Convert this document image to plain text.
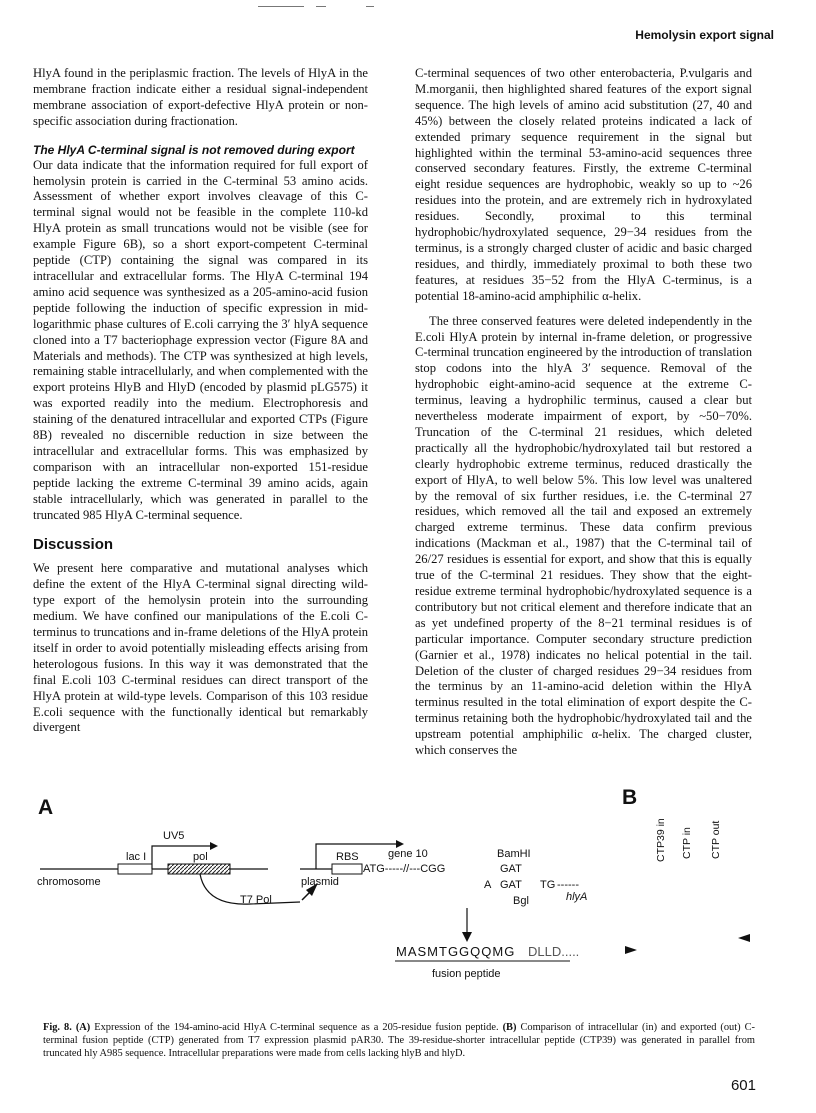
Hemolysin export signal

HlyA found in the periplasmic fraction. The levels of HlyA in the membrane fraction indicate either a residual signal-independent membrane association of export-defective HlyA protein or non-specific association during fractionation.

The HlyA C-terminal signal is not removed during export

Our data indicate that the information required for full export of hemolysin protein is carried in the C-terminal 53 amino acids. Assessment of whether export involves cleavage of this C-terminal signal would not be feasible in the complete 110-kd HlyA protein as small truncations would not be visible (see for example Figure 6B), so a short export-competent C-terminal peptide (CTP) containing the signal was compared in its intracellular and extracellular forms. The HlyA C-terminal 194 amino acid sequence was synthesized as a 205-amino-acid fusion peptide following the induction of specific expression in mid-logarithmic phase cultures of E.coli carrying the 3′ hlyA sequence cloned into a T7 bacteriophage expression vector (Figure 8A and Materials and methods). The CTP was synthesized at high levels, remaining stable intracellularly, and when complemented with the export proteins HlyB and HlyD (encoded by plasmid pLG575) it was exported readily into the medium. Electrophoresis and staining of the denatured intracellular and exported CTPs (Figure 8B) revealed no discernible reduction in size between the intracellular and extracellular forms. This was emphasized by comparison with an intracellular non-exported 151-residue peptide lacking the extreme C-terminal 39 amino acids, again stable intracellularly, which was generated in parallel to the truncated 985 HlyA C-terminal sequence.

Discussion

We present here comparative and mutational analyses which define the extent of the HlyA C-terminal signal directing wild-type export of the hemolysin protein into the surrounding medium. We have confined our manipulations of the E.coli C-terminus to truncations and in-frame deletions of the HlyA protein itself in order to avoid potentially misleading effects arising from heterologous fusions. In this way it was demonstrated that the final E.coli 103 C-terminal residues can direct transport of the HlyA protein at wild-type levels. Comparison of this 103 residue E.coli sequence with the functionally identical but remarkably divergent

C-terminal sequences of two other enterobacteria, P.vulgaris and M.morganii, then highlighted shared features of the export signal sequence. The high levels of amino acid substitution (27, 40 and 45%) between the closely related proteins indicated a lack of extended primary sequence requirement in the signal but highlighted within the terminal 53-amino-acid sequences three conserved secondary features. Firstly, the extreme C-terminal eight residue sequences are hydrophobic, weakly so up to ~26 residues into the protein, and are extremely rich in hydroxylated residues. Secondly, proximal to this terminal hydrophobic/hydroxylated sequence, 29−34 residues from the terminus, is a strongly charged cluster of acidic and basic charged residues, and thirdly, immediately proximal to both these two features, at residues 35−52 from the HlyA C-terminus, is a potential 18-amino-acid amphiphilic α-helix.

The three conserved features were deleted independently in the E.coli HlyA protein by internal in-frame deletion, or progressive C-terminal truncation engineered by the introduction of translation stop codons into the hlyA 3′ sequence. Removal of the hydrophobic eight-amino-acid sequence at the extreme C-terminus, leaving a hydrophilic terminus, caused a clear but nevertheless moderate impairment of export, by ~50−70%. Truncation of the C-terminal 21 residues, which deleted practically all the hydrophobic/hydroxylated tail but restored a clearly hydrophobic extreme terminus, reduced drastically the export of HlyA, to well below 5%. This low level was unaltered by the removal of six further residues, i.e. the C-terminal 27 residues, which removed all the tail and exposed an extremely charged extreme terminus. These data confirm previous indications (Mackman et al., 1987) that the C-terminal tail of 26/27 residues is essential for export, and show that this is equally true of the C-terminal 21 residues. They show that the eight-residue extreme terminal hydrophobic/hydroxylated sequence is a contributory but not critical element and therefore indicate that an as yet undefined property of the 8−21 terminal residues is of particular importance. Computer secondary structure prediction (Garnier et al., 1978) indicates no helical potential in the tail. Deletion of the cluster of charged residues 29−34 residues from the terminus by an 11-amino-acid deletion within the HlyA terminus resulted in the total elimination of export despite the C-terminus retaining both the hydrophobic/hydroxylated tail and the upstream potential amphiphilic α-helix. The charged cluster, which conserves the

A	B
UV5
lac I	pol
chromosome
T7 Pol
RBS	gene 10
plasmid
ATG-----//---CGG
BamHI
GAT
A GAT TG ------
Bgl	hlyA
MASMTGGQQMG DLLD.....
fusion peptide
CTP39 in CTP in CTP out
Fig. 8. (A) Expression of the 194-amino-acid HlyA C-terminal sequence as a 205-residue fusion peptide. (B) Comparison of intracellular (in) and exported (out) C-terminal fusion peptide (CTP) generated from T7 expression plasmid pAR30. The 39-residue-shorter intracellular peptide (CTP39) was generated in parallel from truncated hly A985 sequence. Intracellular preparations were made from cells lacking hlyB and hlyD.
601
